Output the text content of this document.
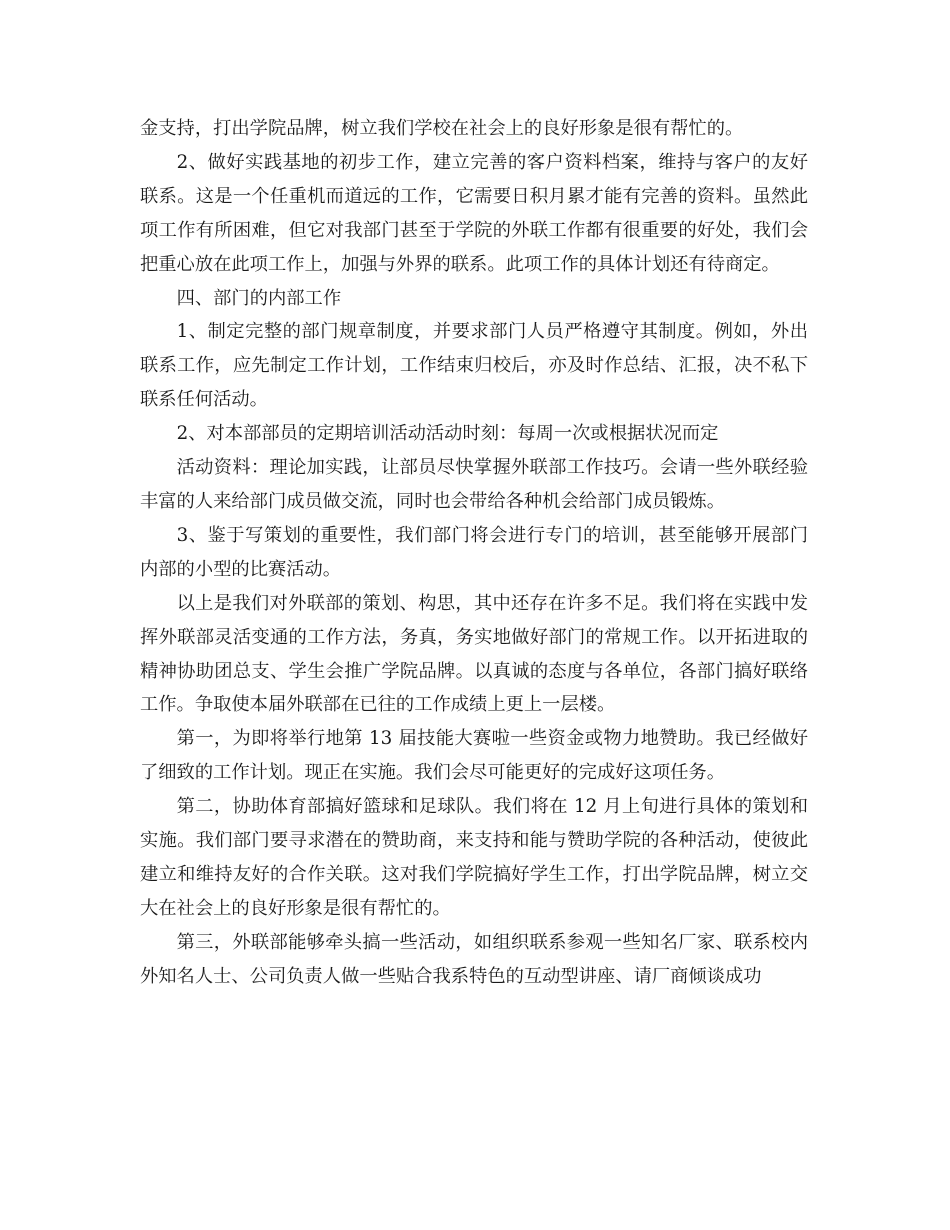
金支持，打出学院品牌，树立我们学校在社会上的良好形象是很有帮忙的。

2、做好实践基地的初步工作，建立完善的客户资料档案，维持与客户的友好联系。这是一个任重机而道远的工作，它需要日积月累才能有完善的资料。虽然此项工作有所困难，但它对我部门甚至于学院的外联工作都有很重要的好处，我们会把重心放在此项工作上，加强与外界的联系。此项工作的具体计划还有待商定。

四、部门的内部工作

1、制定完整的部门规章制度，并要求部门人员严格遵守其制度。例如，外出联系工作，应先制定工作计划，工作结束归校后，亦及时作总结、汇报，决不私下联系任何活动。

2、对本部部员的定期培训活动活动时刻：每周一次或根据状况而定

活动资料：理论加实践，让部员尽快掌握外联部工作技巧。会请一些外联经验丰富的人来给部门成员做交流，同时也会带给各种机会给部门成员锻炼。

3、鉴于写策划的重要性，我们部门将会进行专门的培训，甚至能够开展部门内部的小型的比赛活动。

以上是我们对外联部的策划、构思，其中还存在许多不足。我们将在实践中发挥外联部灵活变通的工作方法，务真，务实地做好部门的常规工作。以开拓进取的精神协助团总支、学生会推广学院品牌。以真诚的态度与各单位，各部门搞好联络工作。争取使本届外联部在已往的工作成绩上更上一层楼。

第一，为即将举行地第 13 届技能大赛啦一些资金或物力地赞助。我已经做好了细致的工作计划。现正在实施。我们会尽可能更好的完成好这项任务。

第二，协助体育部搞好篮球和足球队。我们将在 12 月上旬进行具体的策划和实施。我们部门要寻求潜在的赞助商，来支持和能与赞助学院的各种活动，使彼此建立和维持友好的合作关联。这对我们学院搞好学生工作，打出学院品牌，树立交大在社会上的良好形象是很有帮忙的。

第三，外联部能够牵头搞一些活动，如组织联系参观一些知名厂家、联系校内外知名人士、公司负责人做一些贴合我系特色的互动型讲座、请厂商倾谈成功
